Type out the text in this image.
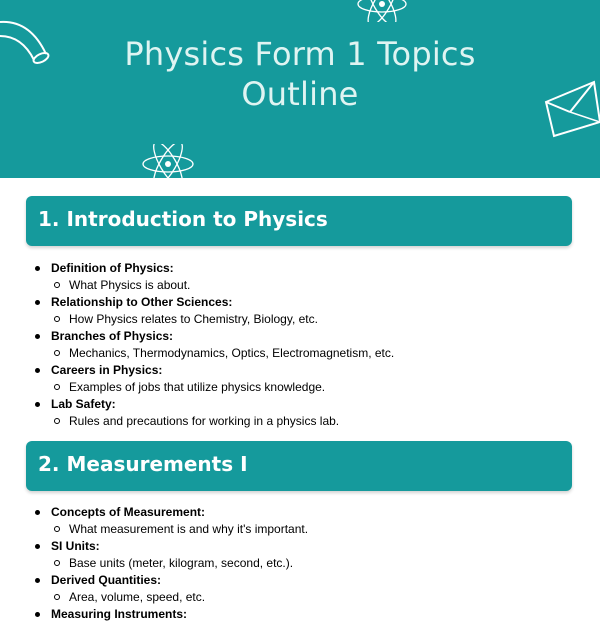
Physics Form 1 Topics
Outline
1. Introduction to Physics
Definition of Physics:
What Physics is about.
Relationship to Other Sciences:
How Physics relates to Chemistry, Biology, etc.
Branches of Physics:
Mechanics, Thermodynamics, Optics, Electromagnetism, etc.
Careers in Physics:
Examples of jobs that utilize physics knowledge.
Lab Safety:
Rules and precautions for working in a physics lab.
2. Measurements I
Concepts of Measurement:
What measurement is and why it's important.
SI Units:
Base units (meter, kilogram, second, etc.).
Derived Quantities:
Area, volume, speed, etc.
Measuring Instruments:
